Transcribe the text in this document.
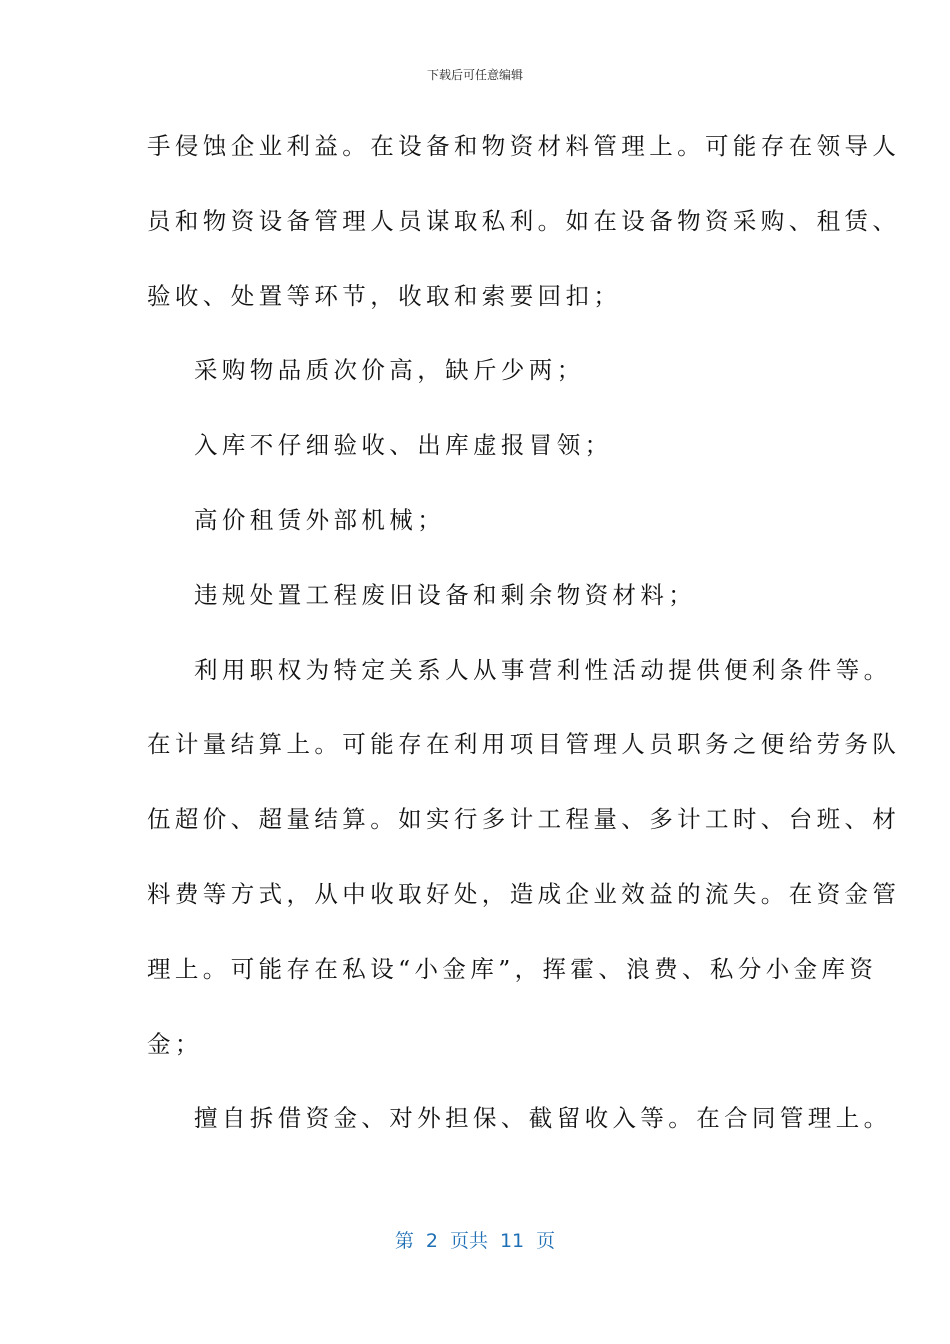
下载后可任意编辑
手侵蚀企业利益。在设备和物资材料管理上。可能存在领导人
员和物资设备管理人员谋取私利。如在设备物资采购、租赁、
验收、处置等环节，收取和索要回扣；
采购物品质次价高，缺斤少两；
入库不仔细验收、出库虚报冒领；
高价租赁外部机械；
违规处置工程废旧设备和剩余物资材料；
利用职权为特定关系人从事营利性活动提供便利条件等。
在计量结算上。可能存在利用项目管理人员职务之便给劳务队
伍超价、超量结算。如实行多计工程量、多计工时、台班、材
料费等方式，从中收取好处，造成企业效益的流失。在资金管
理上。可能存在私设“小金库”，挥霍、浪费、私分小金库资
金；
擅自拆借资金、对外担保、截留收入等。在合同管理上。
第 2 页共 11 页
